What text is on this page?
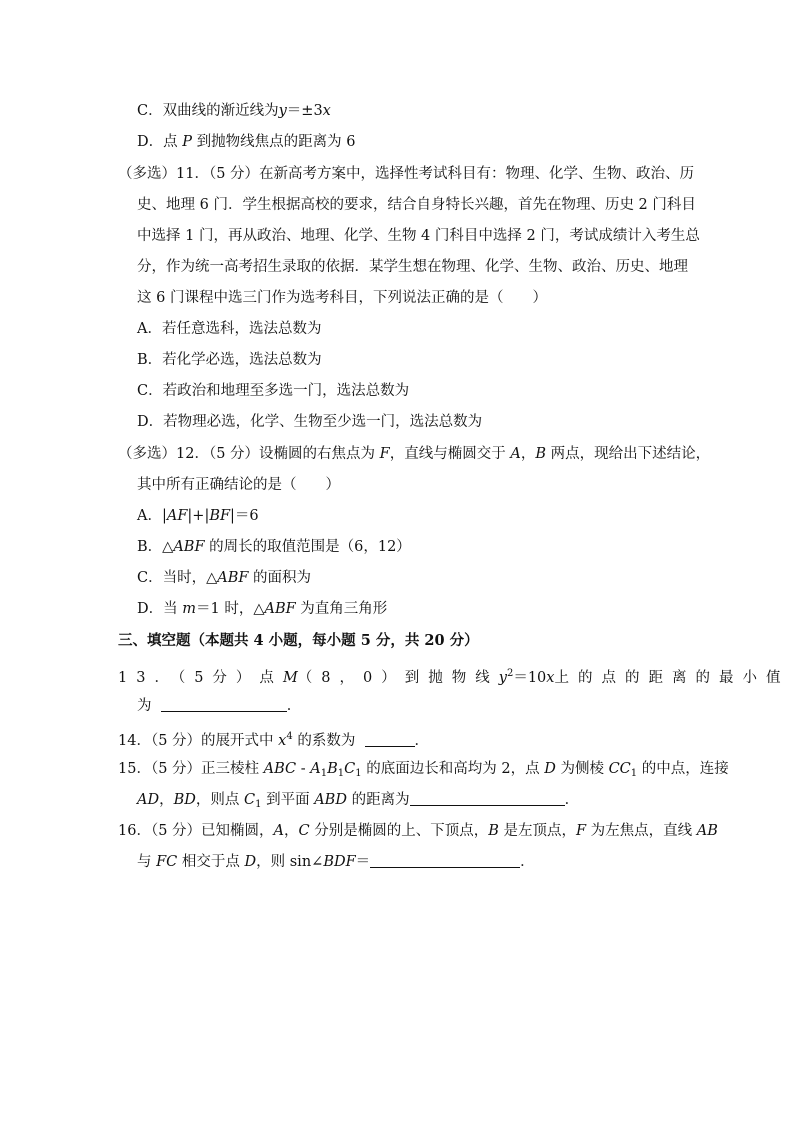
C．双曲线的渐近线为y＝±3x
D．点 P 到抛物线焦点的距离为 6
（多选）11．（5 分）在新高考方案中，选择性考试科目有：物理、化学、生物、政治、历
史、地理 6 门．学生根据高校的要求，结合自身特长兴趣，首先在物理、历史 2 门科目
中选择 1 门，再从政治、地理、化学、生物 4 门科目中选择 2 门，考试成绩计入考生总
分，作为统一高考招生录取的依据．某学生想在物理、化学、生物、政治、历史、地理
这 6 门课程中选三门作为选考科目，下列说法正确的是（　　）
A．若任意选科，选法总数为
B．若化学必选，选法总数为
C．若政治和地理至多选一门，选法总数为
D．若物理必选，化学、生物至少选一门，选法总数为
（多选）12．（5 分）设椭圆的右焦点为 F，直线与椭圆交于 A，B 两点，现给出下述结论，
其中所有正确结论的是（　　）
A．|AF|+|BF|＝6
B．△ABF 的周长的取值范围是（6，12）
C．当时，△ABF 的面积为
D．当 m＝1 时，△ABF 为直角三角形
三、填空题（本题共 4 小题，每小题 5 分，共 20 分）
13．（5分）点M（8，0）到抛物线$y^2=10x$上的点的距离的最小值
为	．
14．（5 分）的展开式中 $x^4$ 的系数为	．
15．（5 分）正三棱柱 ABC - $A_1B_1C_1$ 的底面边长和高均为 2，点 D 为侧棱 $CC_1$ 的中点，连接
AD，BD，则点 $C_1$ 到平面 ABD 的距离为	．
16．（5 分）已知椭圆，A，C 分别是椭圆的上、下顶点，B 是左顶点，F 为左焦点，直线 AB
与 FC 相交于点 D，则 sin∠BDF＝	．
